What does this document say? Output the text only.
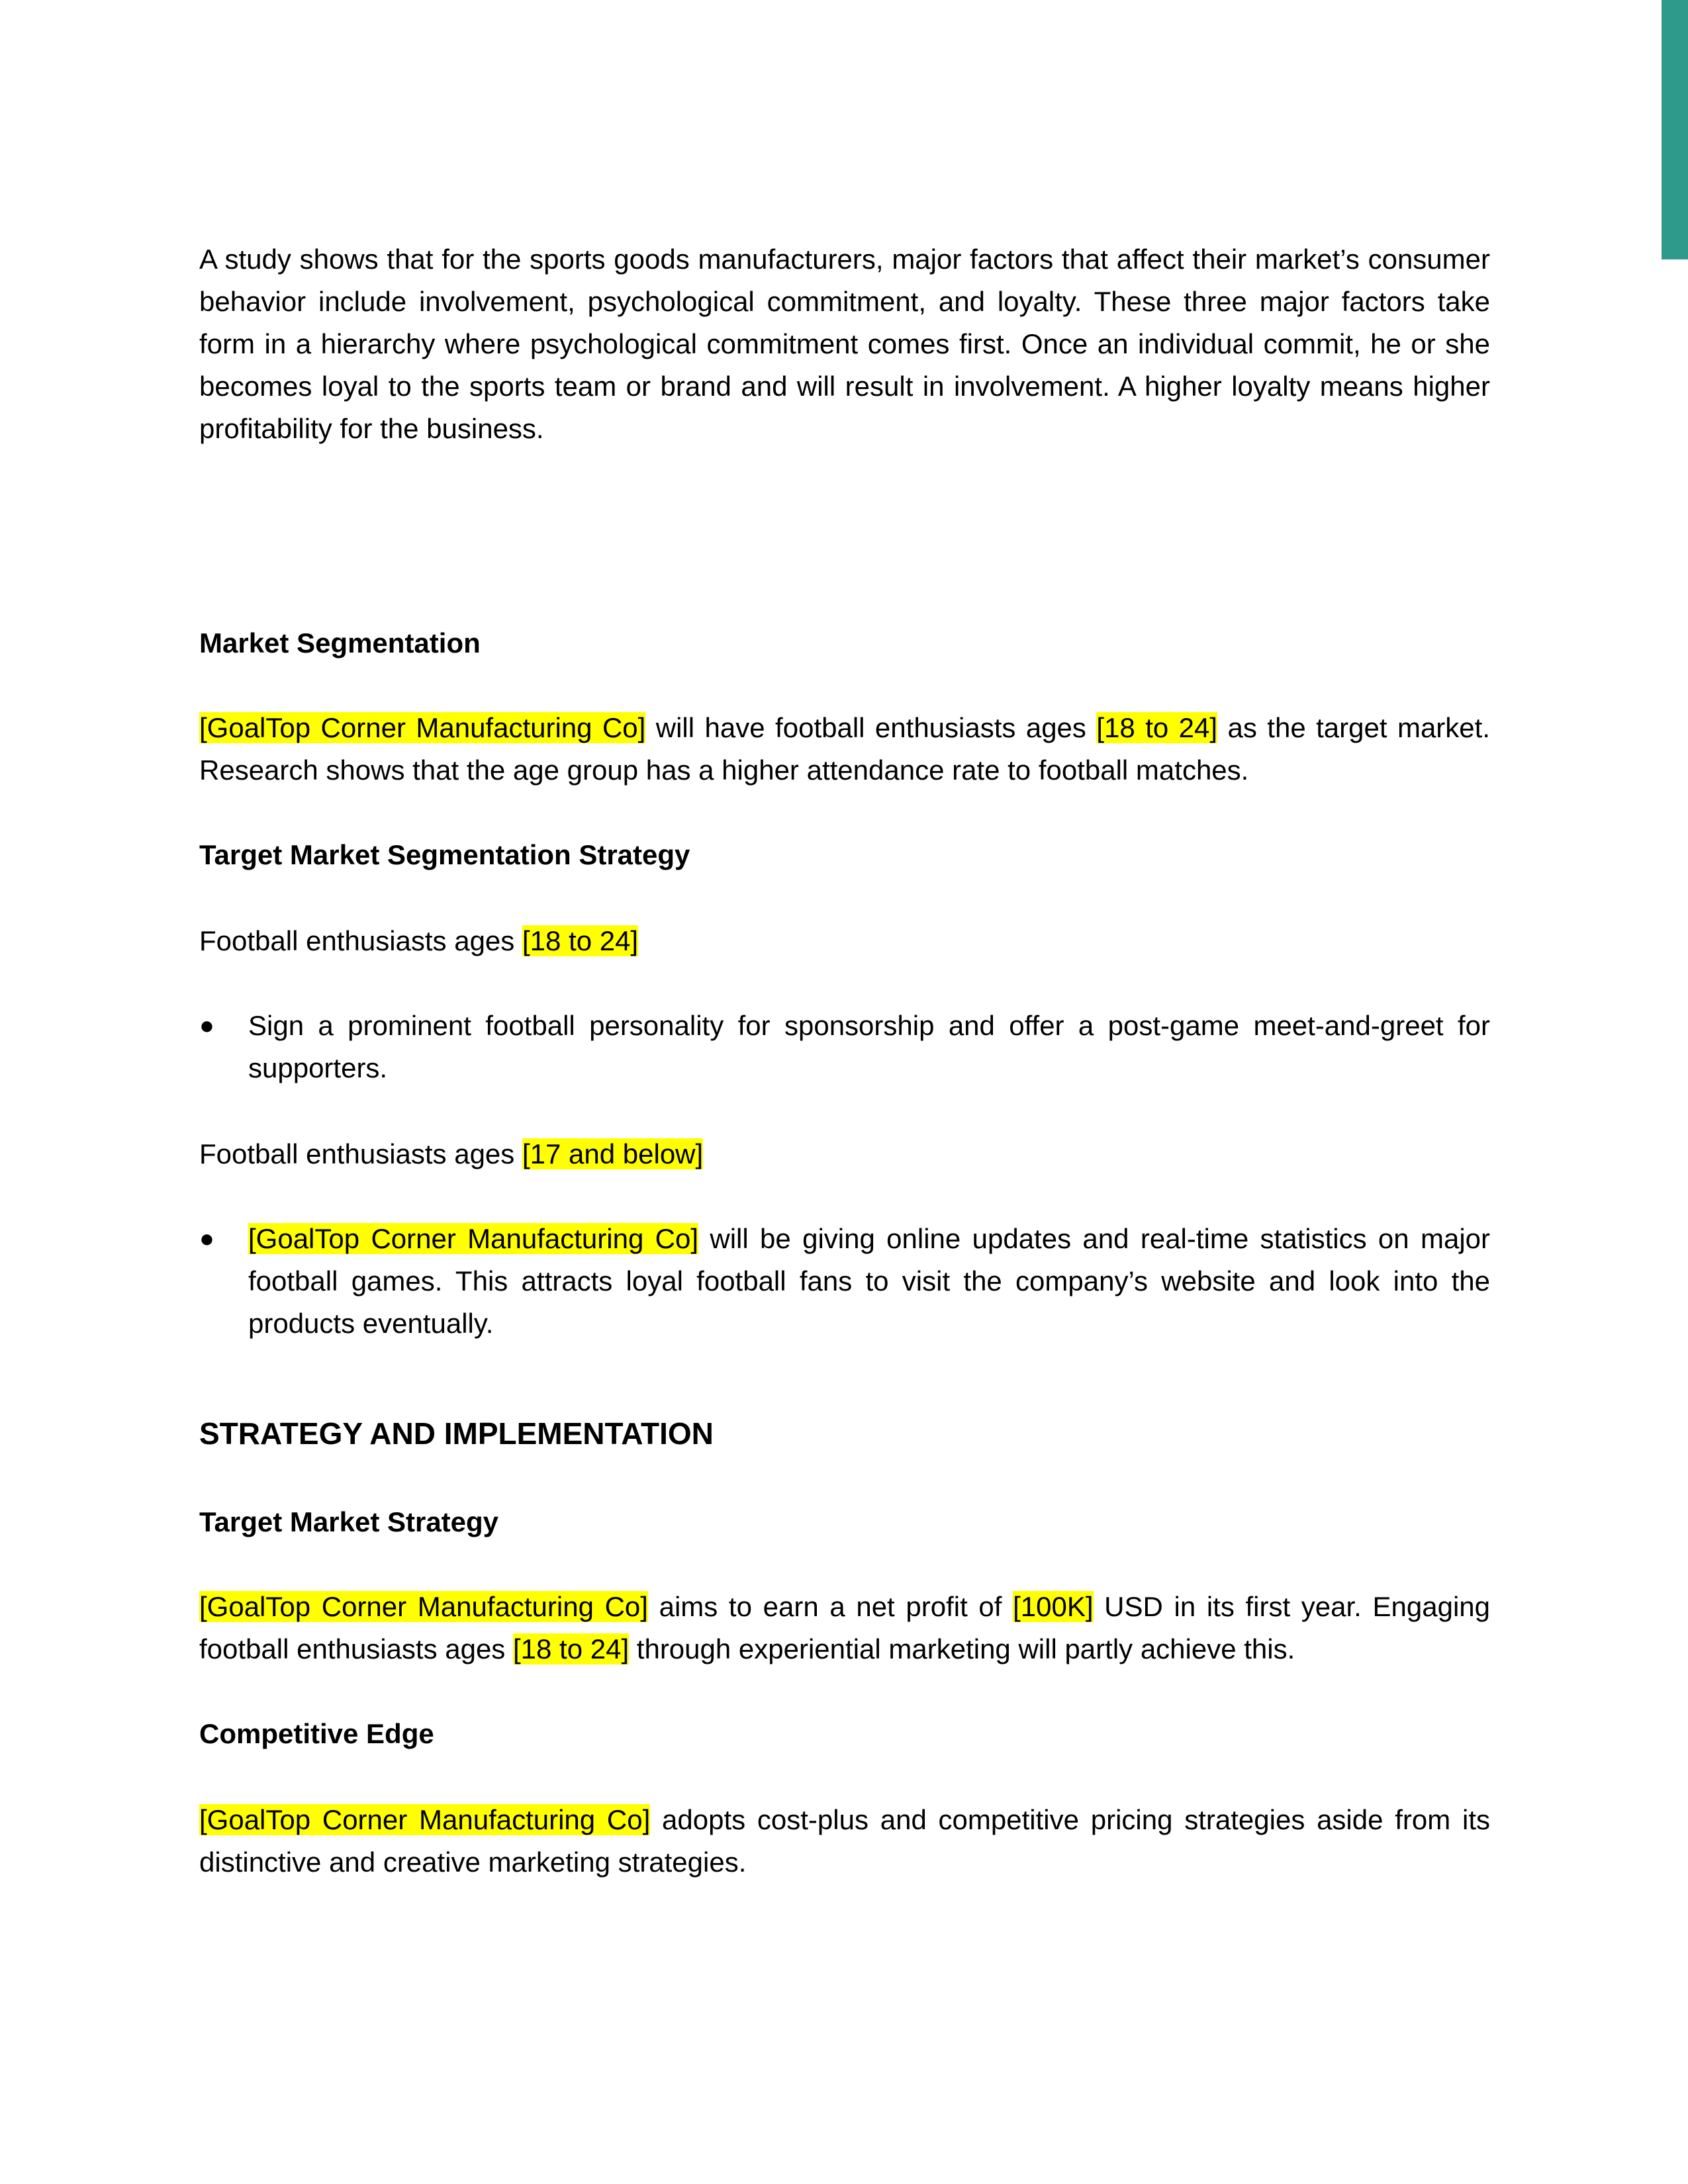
A study shows that for the sports goods manufacturers, major factors that affect their market’s consumer behavior include involvement, psychological commitment, and loyalty. These three major factors take form in a hierarchy where psychological commitment comes first. Once an individual commit, he or she becomes loyal to the sports team or brand and will result in involvement. A higher loyalty means higher profitability for the business.

Market Segmentation

[GoalTop Corner Manufacturing Co] will have football enthusiasts ages [18 to 24] as the target market. Research shows that the age group has a higher attendance rate to football matches.

Target Market Segmentation Strategy

Football enthusiasts ages [18 to 24]

●	Sign a prominent football personality for sponsorship and offer a post-game meet-and-greet for supporters.

Football enthusiasts ages [17 and below]

●	[GoalTop Corner Manufacturing Co] will be giving online updates and real-time statistics on major football games. This attracts loyal football fans to visit the company’s website and look into the products eventually.

STRATEGY AND IMPLEMENTATION
Target Market Strategy

[GoalTop Corner Manufacturing Co] aims to earn a net profit of [100K] USD in its first year. Engaging football enthusiasts ages [18 to 24] through experiential marketing will partly achieve this.

Competitive Edge

[GoalTop Corner Manufacturing Co] adopts cost-plus and competitive pricing strategies aside from its distinctive and creative marketing strategies.
